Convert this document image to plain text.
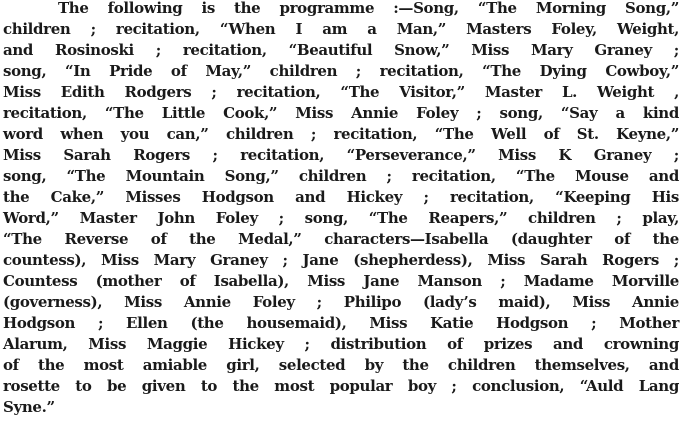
The following is the programme :—Song, “The Morning Song,”
children ; recitation, “When I am a Man,” Masters Foley, Weight,
and Rosinoski ; recitation, “Beautiful Snow,” Miss Mary Graney ;
song, “In Pride of May,” children ; recitation, “The Dying Cowboy,”
Miss Edith Rodgers ; recitation, “The Visitor,” Master L. Weight ,
recitation, “The Little Cook,” Miss Annie Foley ; song, “Say a kind
word when you can,” children ; recitation, “The Well of St. Keyne,”
Miss Sarah Rogers ; recitation, “Perseverance,” Miss K Graney ;
song, “The Mountain Song,” children ; recitation, “The Mouse and
the Cake,” Misses Hodgson and Hickey ; recitation, “Keeping His
Word,” Master John Foley ; song, “The Reapers,” children ; play,
“The Reverse of the Medal,” characters—Isabella (daughter of the
countess), Miss Mary Graney ; Jane (shepherdess), Miss Sarah Rogers ;
Countess (mother of Isabella), Miss Jane Manson ; Madame Morville
(governess), Miss Annie Foley ; Philipo (lady’s maid), Miss Annie
Hodgson ; Ellen (the housemaid), Miss Katie Hodgson ; Mother
Alarum, Miss Maggie Hickey ; distribution of prizes and crowning
of the most amiable girl, selected by the children themselves, and
rosette to be given to the most popular boy ; conclusion, “Auld Lang
Syne.”
